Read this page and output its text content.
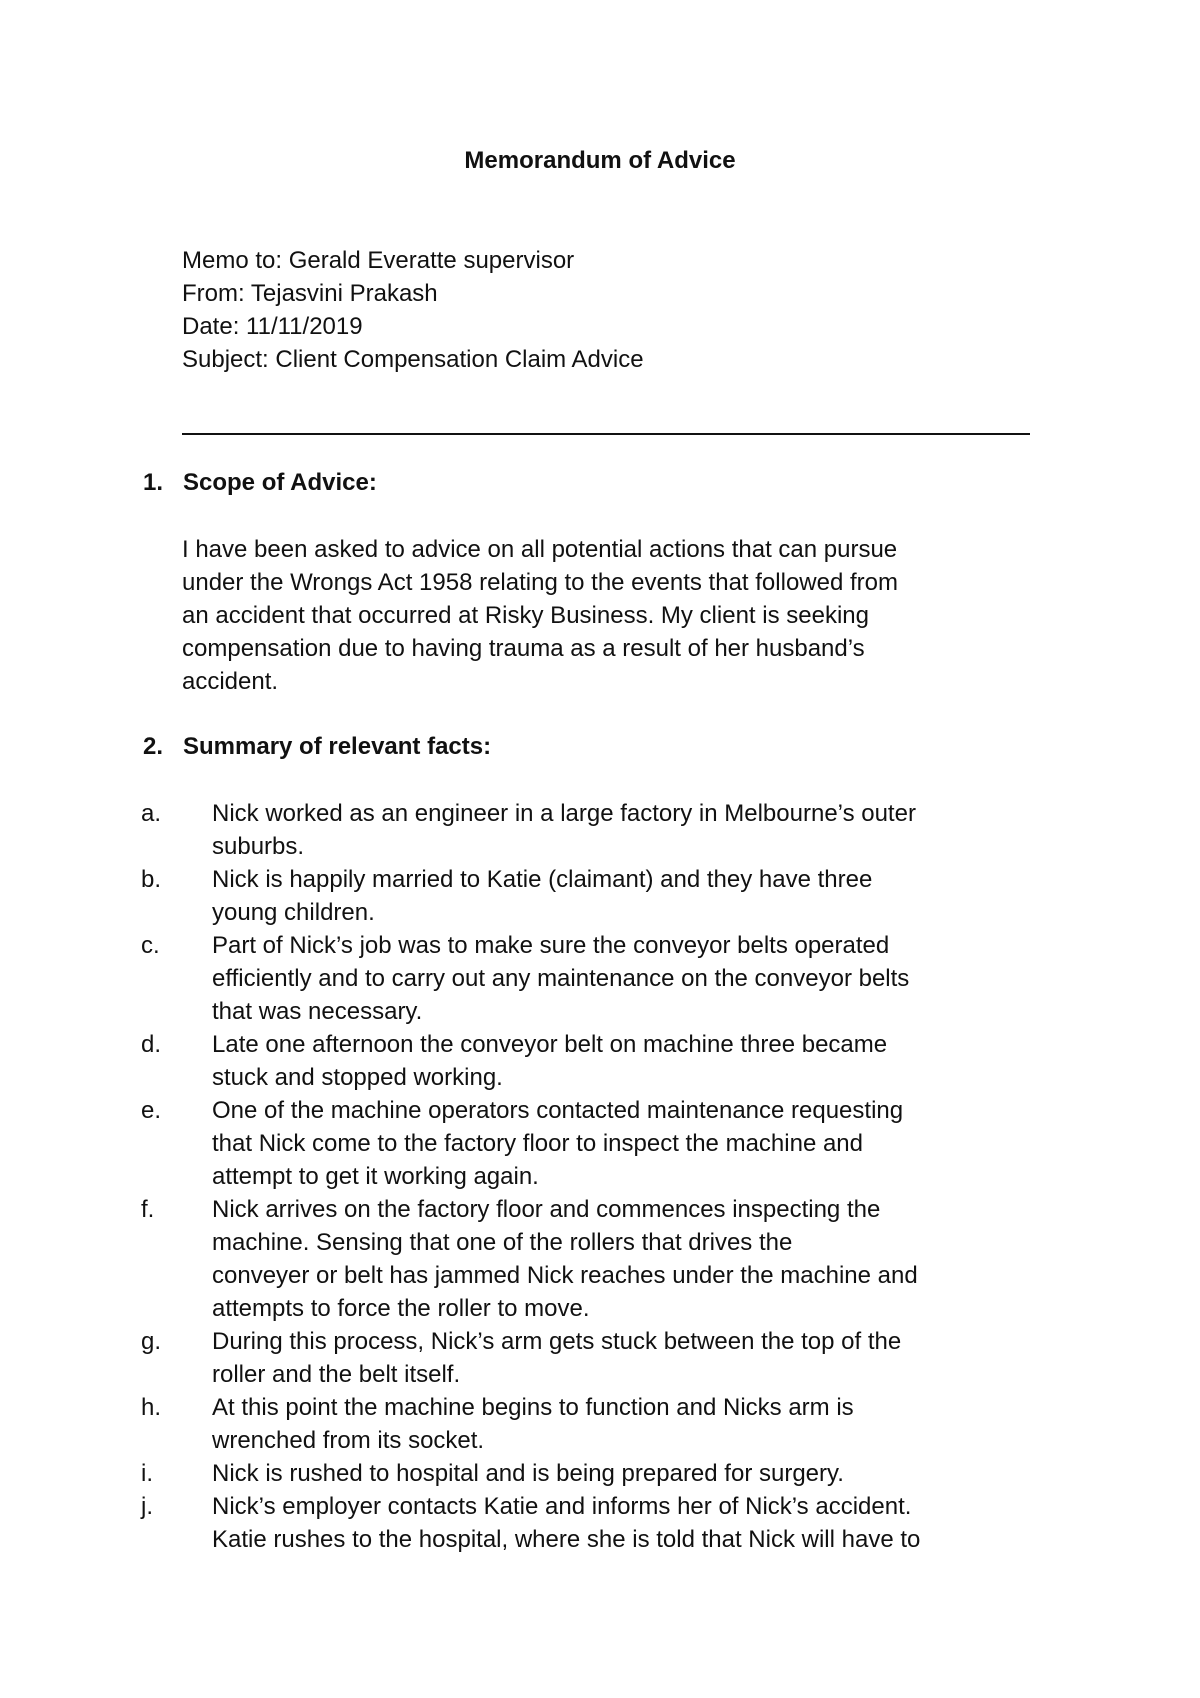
Memorandum of Advice
Memo to: Gerald Everatte supervisor
From: Tejasvini Prakash
Date: 11/11/2019
Subject: Client Compensation Claim Advice
1. Scope of Advice:
I have been asked to advice on all potential actions that can pursue
under the Wrongs Act 1958 relating to the events that followed from
an accident that occurred at Risky Business. My client is seeking
compensation due to having trauma as a result of her husband’s
accident.
2. Summary of relevant facts:
a. Nick worked as an engineer in a large factory in Melbourne’s outer
suburbs.
b. Nick is happily married to Katie (claimant) and they have three
young children.
c. Part of Nick’s job was to make sure the conveyor belts operated
efficiently and to carry out any maintenance on the conveyor belts
that was necessary.
d. Late one afternoon the conveyor belt on machine three became
stuck and stopped working.
e. One of the machine operators contacted maintenance requesting
that Nick come to the factory floor to inspect the machine and
attempt to get it working again.
f. Nick arrives on the factory floor and commences inspecting the
machine. Sensing that one of the rollers that drives the
conveyer or belt has jammed Nick reaches under the machine and
attempts to force the roller to move.
g. During this process, Nick’s arm gets stuck between the top of the
roller and the belt itself.
h. At this point the machine begins to function and Nicks arm is
wrenched from its socket.
i. Nick is rushed to hospital and is being prepared for surgery.
j. Nick’s employer contacts Katie and informs her of Nick’s accident.
Katie rushes to the hospital, where she is told that Nick will have to
